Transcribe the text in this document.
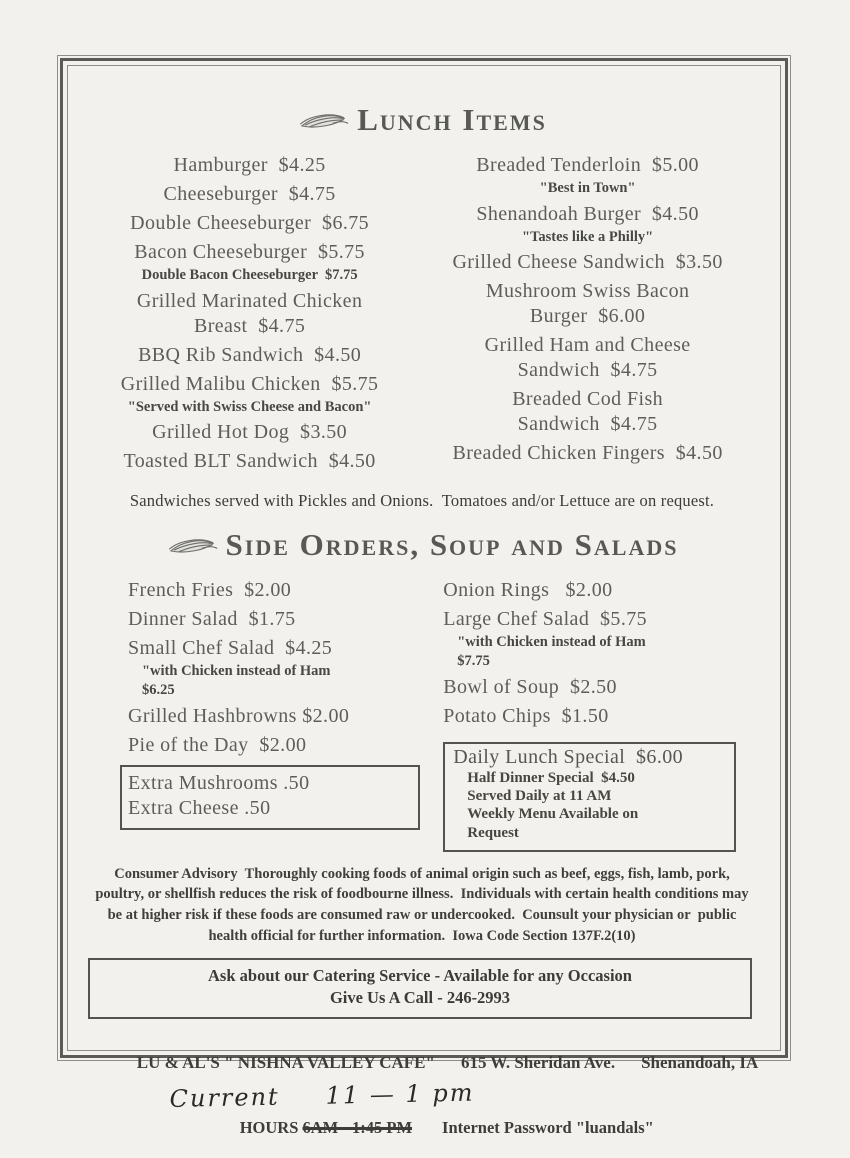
Lunch Items
Hamburger  $4.25
Cheeseburger  $4.75
Double Cheeseburger  $6.75
Bacon Cheeseburger  $5.75
Double Bacon Cheeseburger  $7.75
Grilled Marinated Chicken
Breast  $4.75
BBQ Rib Sandwich  $4.50
Grilled Malibu Chicken  $5.75
"Served with Swiss Cheese and Bacon"
Grilled Hot Dog  $3.50
Toasted BLT Sandwich  $4.50
Breaded Tenderloin  $5.00
"Best in Town"
Shenandoah Burger  $4.50
"Tastes like a Philly"
Grilled Cheese Sandwich  $3.50
Mushroom Swiss Bacon
Burger  $6.00
Grilled Ham and Cheese
Sandwich  $4.75
Breaded Cod Fish
Sandwich  $4.75
Breaded Chicken Fingers  $4.50

Sandwiches served with Pickles and Onions.  Tomatoes and/or Lettuce are on request.

Side Orders, Soup and Salads
French Fries  $2.00
Dinner Salad  $1.75
Small Chef Salad  $4.25
"with Chicken instead of Ham
$6.25
Grilled Hashbrowns $2.00
Pie of the Day  $2.00
Extra Mushrooms .50
Extra Cheese .50
Onion Rings   $2.00
Large Chef Salad  $5.75
"with Chicken instead of Ham
$7.75
Bowl of Soup  $2.50
Potato Chips  $1.50
Daily Lunch Special  $6.00
Half Dinner Special  $4.50
Served Daily at 11 AM
Weekly Menu Available on
Request

Consumer Advisory  Thoroughly cooking foods of animal origin such as beef, eggs, fish, lamb, pork, poultry, or shellfish reduces the risk of foodbourne illness.  Individuals with certain health conditions may be at higher risk if these foods are consumed raw or undercooked.  Counsult your physician or  public health official for further information.  Iowa Code Section 137F.2(10)

Ask about our Catering Service - Available for any Occasion
Give Us A Call - 246-2993

LU & AL'S " NISHNA VALLEY CAFE" 615 W. Sheridan Ave. Shenandoah, IA

HOURS 6AM - 1:45 PM Internet Password "luandals"

Current 11 — 1 pm
